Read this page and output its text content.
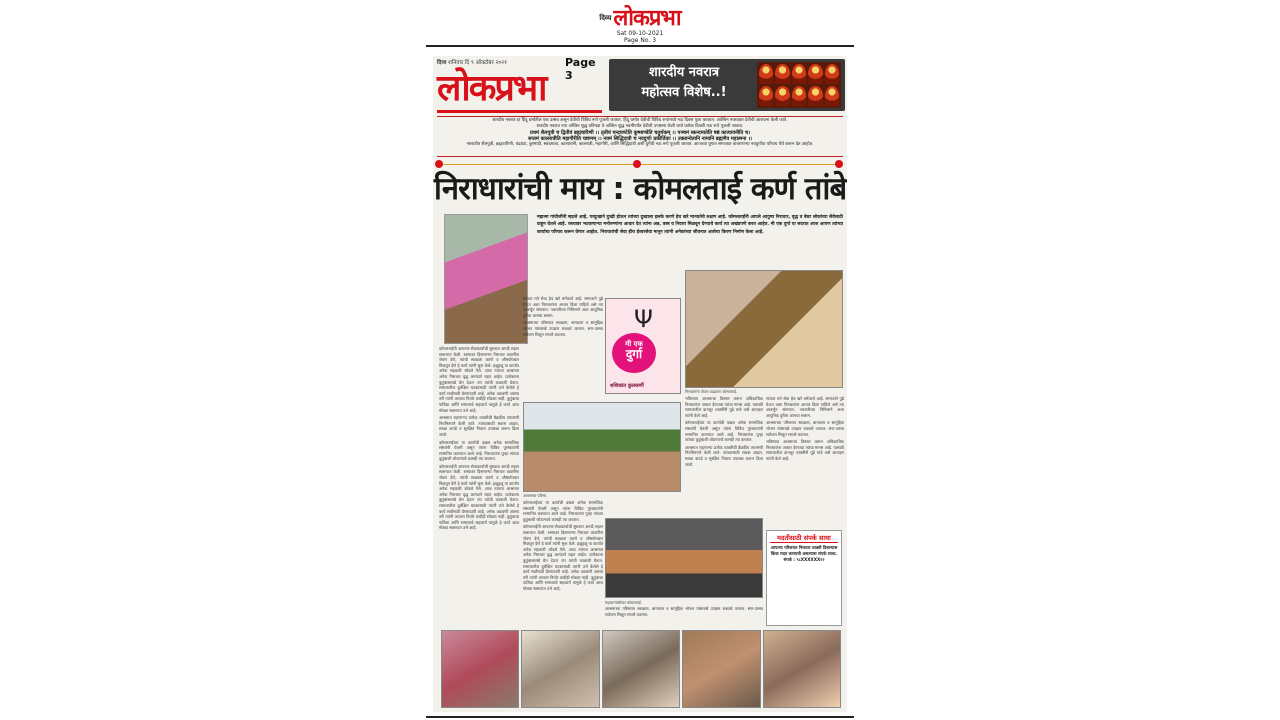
$^{दिव्य}$लोकप्रभा
Sat 09-10-2021
Page No. 3
दिव्य शनिवार दि ९ ऑक्टोबर २०२१	Page 3
लोकप्रभा	शारदीय नवरात्र
महोत्सव विशेष..!

शारदीय नवरात्र हा हिंदू धर्मातील एक उत्सव असून देवीची विविध रूपे पूजली जातात. हिंदू धर्मात देवीची विविध रूपांमध्ये नऊ दिवस पूजा करतात. आश्विन नवरात्रात देवीची आराधना केली जाते.

शारदीय नवरात्र ज्या अश्विन शुद्ध प्रतिपदा ते अश्विन शुद्ध नवमीपर्यंत देवीची उपासना केली जाते प्रत्येक दिवशी नऊ रूपे पूजली जातात.

प्रथमं शैलपुत्री च द्वितीयं ब्रह्मचारिणी ।। तृतीयं चन्द्रघण्टेति कूष्माण्डेति चतुर्थकम् ।। पञ्चमं स्कन्दमातेति षष्ठं कात्यायनीति च।

सप्तमं कालरात्रीति महागौरीति चाष्टमम् ।। नवमं सिद्धिदात्री च नवदुर्गाः प्रकीर्तिताः ।। उक्तान्येतानि नामानि ब्रह्मणैव महात्मना ।।

नवरात्रीत शैलपुत्री, ब्रह्मचारिणी, चंद्रघंटा, कुष्मांडी, स्कंदमाता, कात्यायनी, कालरात्री, महागौरी, आणि सिद्धिदात्री अशी दुर्गेची नऊ रूपे पूजली जातात. आजच्या युगात समाजात वावरणाऱ्या नवदुर्गांचा परिचय येथे करून देत आहोत.

निराधारांची माय : कोमलताई कर्ण तांबे
महात्मा गांधीजींनी म्हटले आहे, परदुःखाने दुःखी होऊन त्यांच्या दुःखाला हलके करणे हेच खरे मानवतेचे लक्षण आहे. कोमलताईंनी आपले आयुष्य निराधार, वृद्ध व बेघर लोकांच्या सेवेसाठी वाहून घेतले आहे. रस्त्यावर भटकणाऱ्या मनोरुग्णांना आधार देत त्यांना अन्न, वस्त्र व निवारा मिळवून देण्याचे कार्य त्या अखंडपणे करत आहेत. मी एक दुर्गा या सदरात आज आपण त्यांच्या कार्याचा परिचय करून घेणार आहोत. निराधारांची सेवा हीच ईश्वरसेवा मानून त्यांनी अनेकांच्या जीवनात आशेचा किरण निर्माण केला आहे.

कोमलताईंनी आपल्या सेवाकार्याची सुरुवात अगदी लहान स्वरूपात केली. रस्त्यावर दिसणाऱ्या निराधार व्यक्तींना जेवण देणे, त्यांची स्वच्छता करणे व औषधोपचार मिळवून देणे हे कार्य त्यांनी सुरू केले. हळूहळू या कार्यात अनेक सहकारी जोडले गेले. आज त्यांच्या आश्रमात अनेक निराधार वृद्ध आनंदाने राहत आहेत. प्रत्येकाला कुटुंबासारखे प्रेम देऊन त्या त्यांची काळजी घेतात. समाजातील दुर्लक्षित घटकांसाठी त्यांनी उभे केलेले हे कार्य सर्वांसाठी प्रेरणादायी आहे. अनेक अडचणी आल्या तरी त्यांनी आपला निर्धार कधीही सोडला नाही. कुटुंबाचा पाठिंबा आणि समाजाचे सहकार्य यामुळे हे कार्य आज मोठ्या स्वरूपात उभे आहे.

आश्रमात राहणाऱ्या प्रत्येक व्यक्तीची वैद्यकीय तपासणी नियमितपणे केली जाते. त्यांच्यासाठी सकस आहार, स्वच्छ कपडे व सुरक्षित निवारा उपलब्ध करून दिला जातो.

कोमलताईंच्या या कार्याची दखल अनेक सामाजिक संस्थांनी घेतली असून त्यांना विविध पुरस्कारांनी सन्मानित करण्यात आले आहे. निराधारांना पुन्हा त्यांच्या कुटुंबाशी जोडण्याचे कामही त्या करतात.

कोमलताईंनी आपल्या सेवाकार्याची सुरुवात अगदी लहान स्वरूपात केली. रस्त्यावर दिसणाऱ्या निराधार व्यक्तींना जेवण देणे, त्यांची स्वच्छता करणे व औषधोपचार मिळवून देणे हे कार्य त्यांनी सुरू केले. हळूहळू या कार्यात अनेक सहकारी जोडले गेले. आज त्यांच्या आश्रमात अनेक निराधार वृद्ध आनंदाने राहत आहेत. प्रत्येकाला कुटुंबासारखे प्रेम देऊन त्या त्यांची काळजी घेतात. समाजातील दुर्लक्षित घटकांसाठी त्यांनी उभे केलेले हे कार्य सर्वांसाठी प्रेरणादायी आहे. अनेक अडचणी आल्या तरी त्यांनी आपला निर्धार कधीही सोडला नाही. कुटुंबाचा पाठिंबा आणि समाजाचे सहकार्य यामुळे हे कार्य आज मोठ्या स्वरूपात उभे आहे.

त्यांच्या मते सेवा हेच खरे धर्मकार्य आहे. समाजाने पुढे येऊन अशा निराधारांना आधार दिला पाहिजे असे त्या आवर्जून सांगतात. नवरात्रीच्या निमित्ताने अशा आधुनिक दुर्गेला आमचा सलाम.

आश्रमाच्या परिसरात स्वच्छता, बागकाम व सामूहिक भोजन यांसारखे उपक्रम राबवले जातात. सण-उत्सव सर्वजण मिळून साजरे करतात.

Ψ
मी एक
दुर्गा
शशिकांत कुलकर्णी
निराधारांना जेवण वाढताना कोमलताई.

भविष्यात आश्रमाचा विस्तार करून अधिकाधिक निराधारांना आधार देण्याचा त्यांचा मानस आहे. यासाठी समाजातील दानशूर व्यक्तींनी पुढे यावे असे आवाहन त्यांनी केले आहे.

कोमलताईंच्या या कार्याची दखल अनेक सामाजिक संस्थांनी घेतली असून त्यांना विविध पुरस्कारांनी सन्मानित करण्यात आले आहे. निराधारांना पुन्हा त्यांच्या कुटुंबाशी जोडण्याचे कामही त्या करतात.

आश्रमात राहणाऱ्या प्रत्येक व्यक्तीची वैद्यकीय तपासणी नियमितपणे केली जाते. त्यांच्यासाठी सकस आहार, स्वच्छ कपडे व सुरक्षित निवारा उपलब्ध करून दिला जातो.

त्यांच्या मते सेवा हेच खरे धर्मकार्य आहे. समाजाने पुढे येऊन अशा निराधारांना आधार दिला पाहिजे असे त्या आवर्जून सांगतात. नवरात्रीच्या निमित्ताने अशा आधुनिक दुर्गेला आमचा सलाम.

आश्रमाच्या परिसरात स्वच्छता, बागकाम व सामूहिक भोजन यांसारखे उपक्रम राबवले जातात. सण-उत्सव सर्वजण मिळून साजरे करतात.

भविष्यात आश्रमाचा विस्तार करून अधिकाधिक निराधारांना आधार देण्याचा त्यांचा मानस आहे. यासाठी समाजातील दानशूर व्यक्तींनी पुढे यावे असे आवाहन त्यांनी केले आहे.

आश्रमाचा परिसर.

कोमलताईंच्या या कार्याची दखल अनेक सामाजिक संस्थांनी घेतली असून त्यांना विविध पुरस्कारांनी सन्मानित करण्यात आले आहे. निराधारांना पुन्हा त्यांच्या कुटुंबाशी जोडण्याचे कामही त्या करतात.

कोमलताईंनी आपल्या सेवाकार्याची सुरुवात अगदी लहान स्वरूपात केली. रस्त्यावर दिसणाऱ्या निराधार व्यक्तींना जेवण देणे, त्यांची स्वच्छता करणे व औषधोपचार मिळवून देणे हे कार्य त्यांनी सुरू केले. हळूहळू या कार्यात अनेक सहकारी जोडले गेले. आज त्यांच्या आश्रमात अनेक निराधार वृद्ध आनंदाने राहत आहेत. प्रत्येकाला कुटुंबासारखे प्रेम देऊन त्या त्यांची काळजी घेतात. समाजातील दुर्लक्षित घटकांसाठी त्यांनी उभे केलेले हे कार्य सर्वांसाठी प्रेरणादायी आहे. अनेक अडचणी आल्या तरी त्यांनी आपला निर्धार कधीही सोडला नाही. कुटुंबाचा पाठिंबा आणि समाजाचे सहकार्य यामुळे हे कार्य आज मोठ्या स्वरूपात उभे आहे.

सहकाऱ्यांसोबत कोमलताई.

आश्रमाच्या परिसरात स्वच्छता, बागकाम व सामूहिक भोजन यांसारखे उपक्रम राबवले जातात. सण-उत्सव सर्वजण मिळून साजरे करतात.

मदतीसाठी संपर्क साधा
आपल्या परिसरात निराधार व्यक्ती दिसल्यास किंवा मदत करायची असल्यास संपर्क साधा.
संपर्क : ९८XXXXXX१२
